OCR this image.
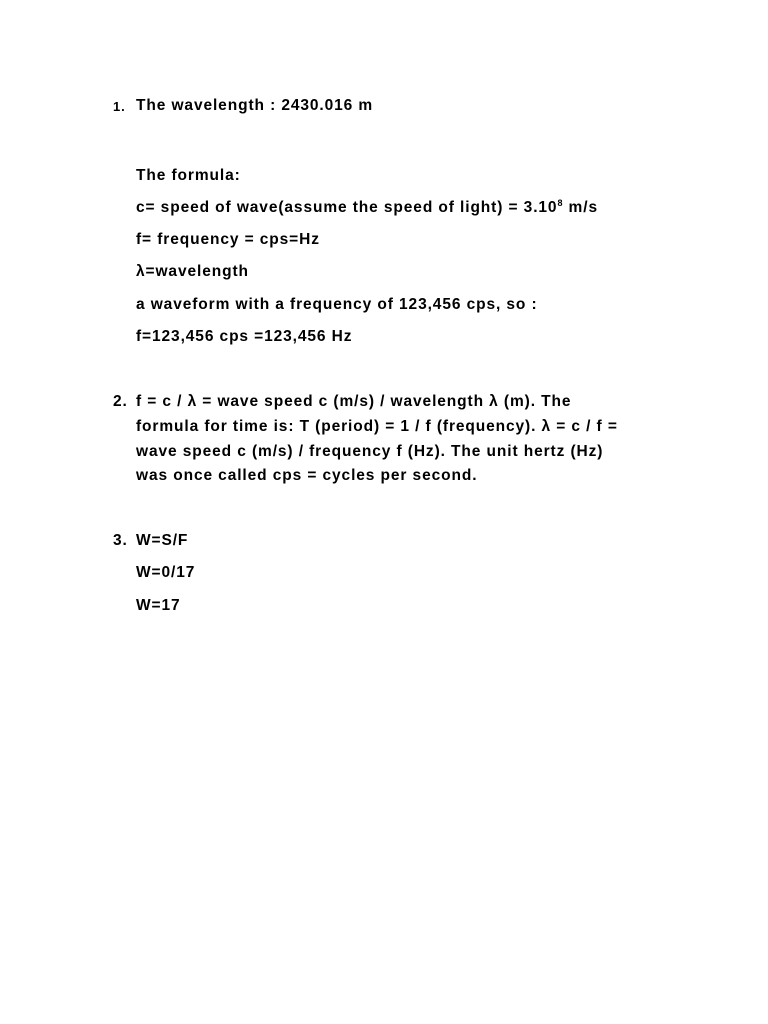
1. The wavelength : 2430.016 m
The formula:
c= speed of wave(assume the speed of light) = $3.10^8$ m/s
f= frequency = cps=Hz
λ=wavelength
a waveform with a frequency of 123,456 cps, so :
f=123,456 cps =123,456 Hz
2. f = c / λ = wave speed c (m/s) / wavelength λ (m). The
formula for time is: T (period) = 1 / f (frequency). λ = c / f =
wave speed c (m/s) / frequency f (Hz). The unit hertz (Hz)
was once called cps = cycles per second.
3. W=S/F
W=0/17
W=17
